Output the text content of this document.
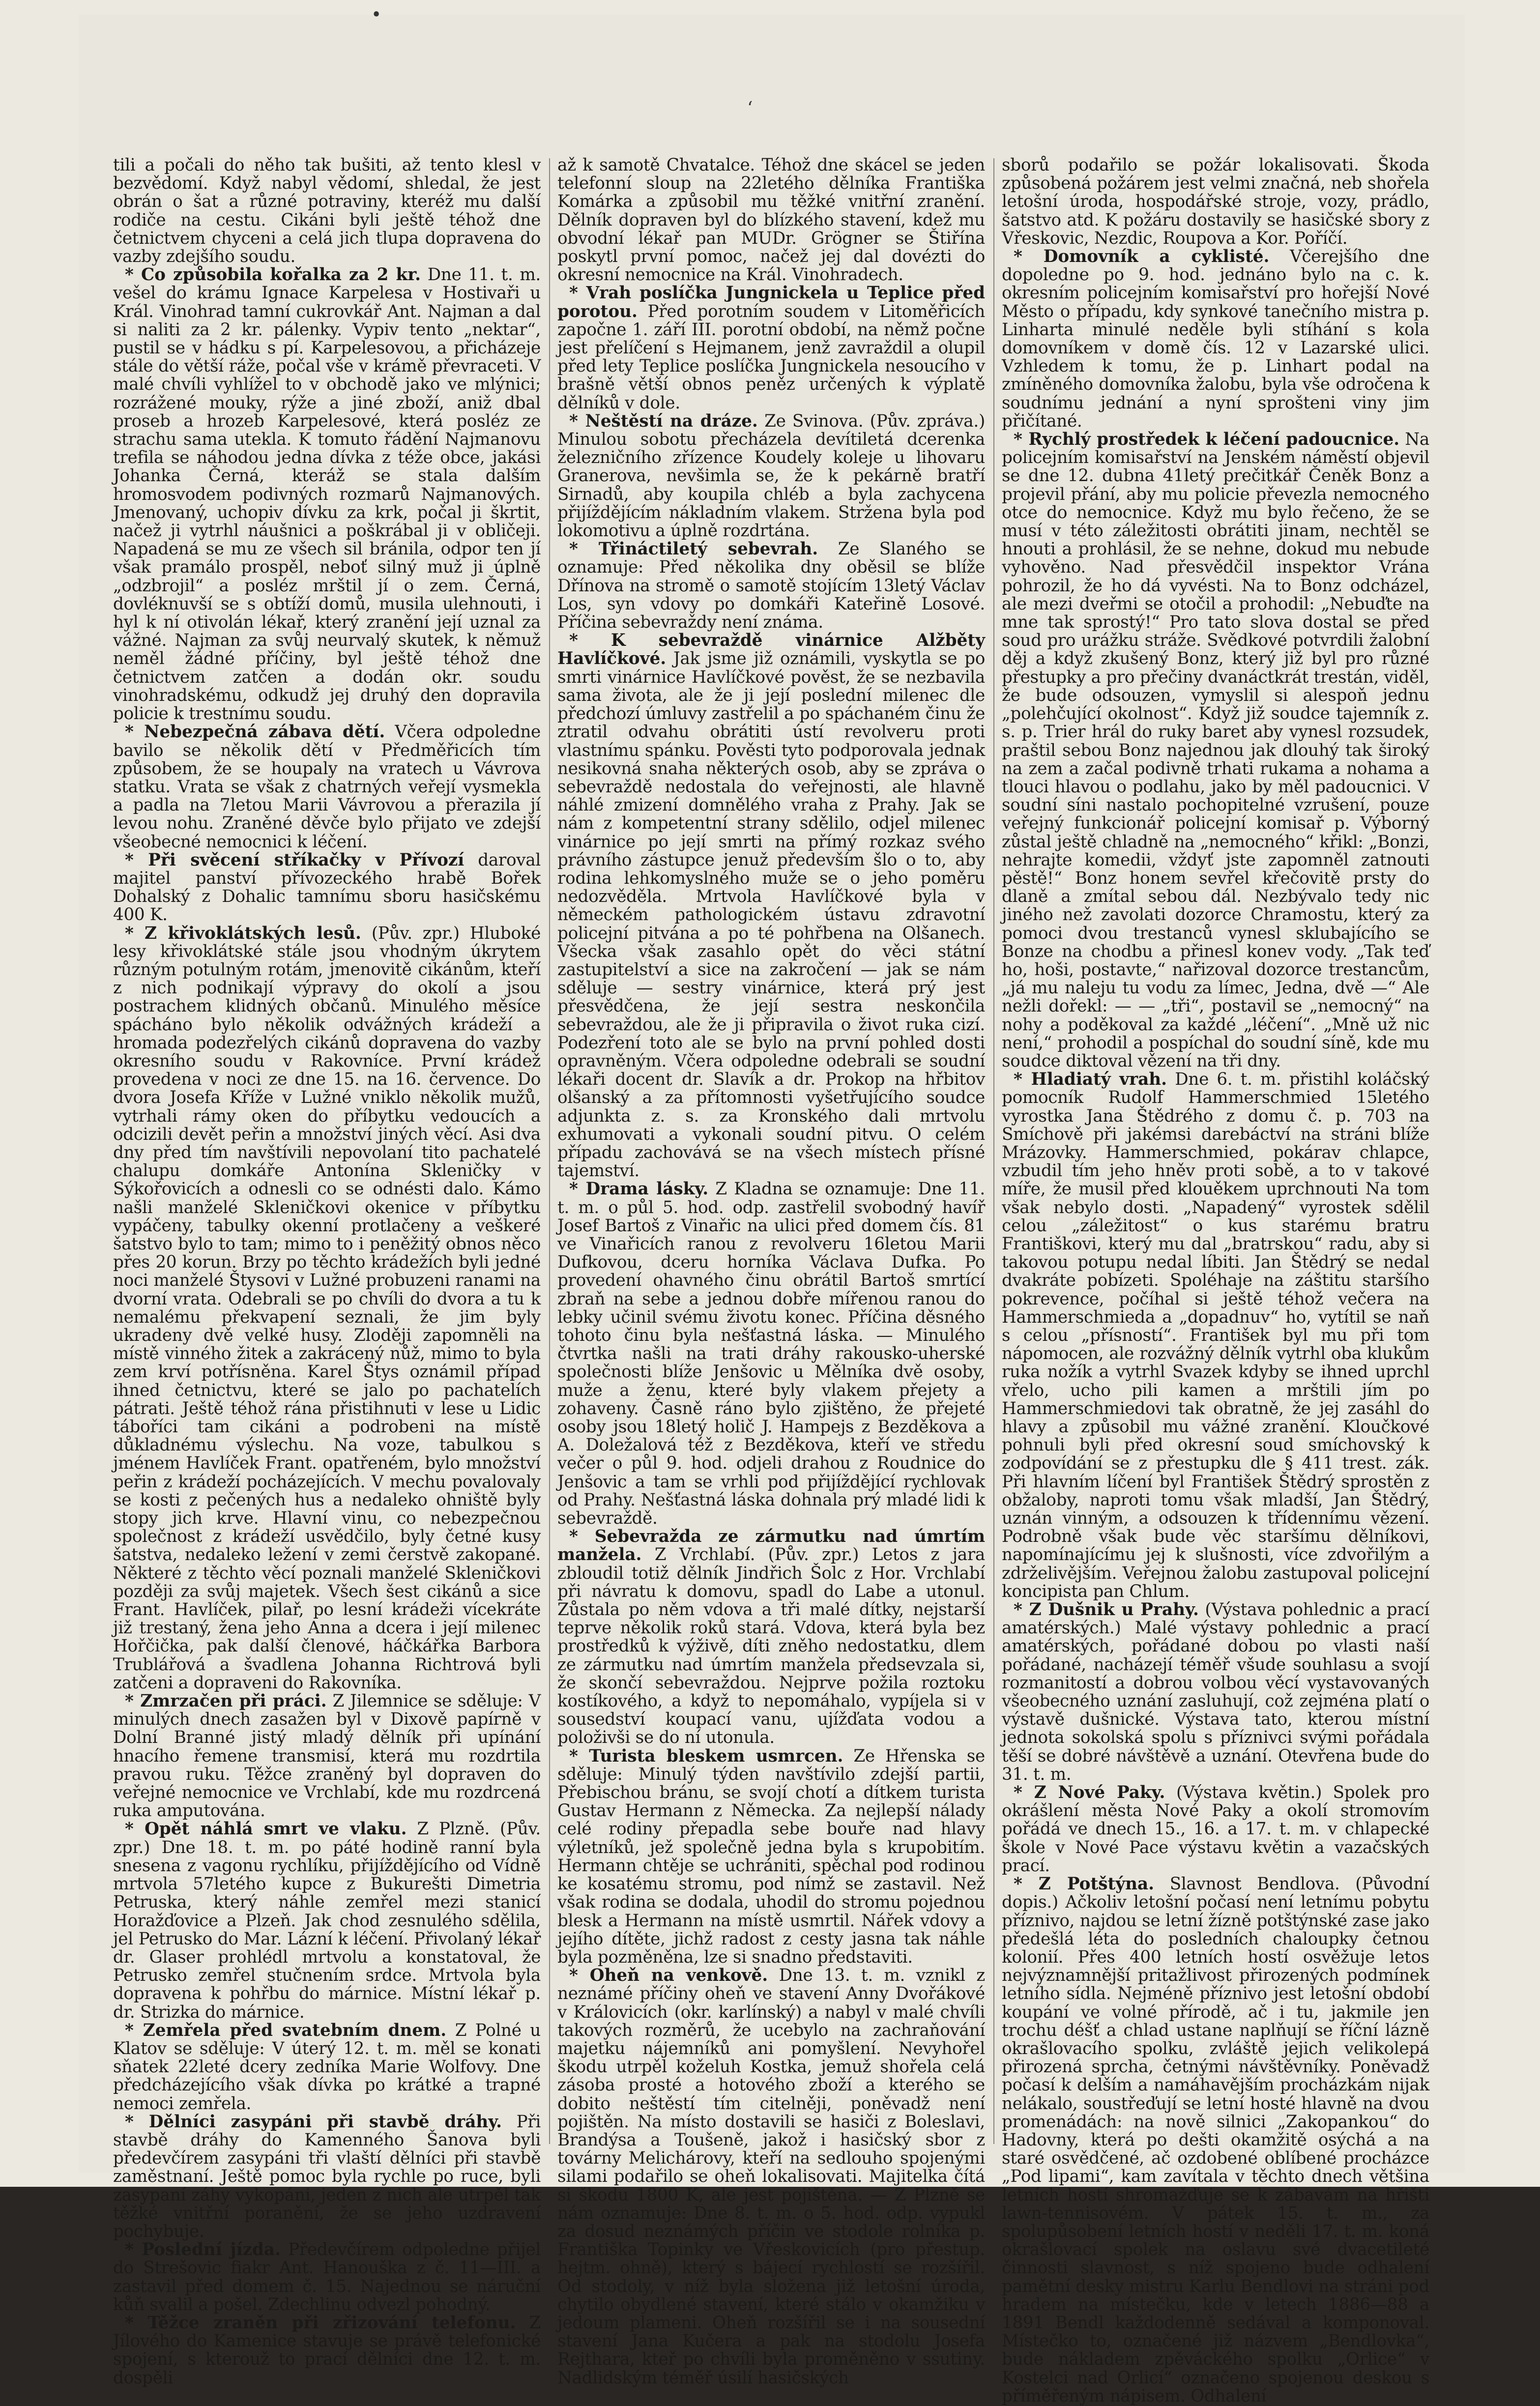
•
‘

tili a počali do něho tak bušiti, až tento klesl v bezvědomí. Když nabyl vědomí, shledal, že jest obrán o šat a různé potraviny, kteréž mu další rodiče na cestu. Cikáni byli ještě téhož dne četnictvem chyceni a celá jich tlupa dopravena do vazby zdejšího soudu.

* Co způsobila kořalka za 2 kr. Dne 11. t. m. vešel do krámu Ignace Karpelesa v Hostivaři u Král. Vinohrad tamní cukrovkář Ant. Najman a dal si naliti za 2 kr. pálenky. Vypiv tento „nektar“, pustil se v hádku s pí. Karpelesovou, a přicházeje stále do větší ráže, počal vše v krámě převraceti. V malé chvíli vyhlížel to v obchodě jako ve mlýnici; rozrážené mouky, rýže a jiné zboží, aniž dbal proseb a hrozeb Karpelesové, která posléz ze strachu sama utekla. K tomuto řádění Najmanovu trefila se náhodou jedna dívka z téže obce, jakási Johanka Černá, kteráž se stala dalším hromosvodem podivných rozmarů Najmanových. Jmenovaný, uchopiv dívku za krk, počal ji škrtit, načež ji vytrhl náušnici a poškrábal ji v obličeji. Napadená se mu ze všech sil bránila, odpor ten jí však pramálo prospěl, neboť silný muž ji úplně „odzbrojil“ a posléz mrštil jí o zem. Černá, dovléknuvší se s obtíží domů, musila ulehnouti, i hyl k ní otivolán lékař, který zranění její uznal za vážné. Najman za svůj neurvalý skutek, k němuž neměl žádné příčiny, byl ještě téhož dne četnictvem zatčen a dodán okr. soudu vinohradskému, odkudž jej druhý den dopravila policie k trestnímu soudu.

* Nebezpečná zábava dětí. Včera odpoledne bavilo se několik dětí v Předměřicích tím způsobem, že se houpaly na vratech u Vávrova statku. Vrata se však z chatrných veřejí vysmekla a padla na 7letou Marii Vávrovou a přerazila jí levou nohu. Zraněné děvče bylo přijato ve zdejší všeobecné nemocnici k léčení.

* Při svěcení stříkačky v Přívozí daroval majitel panství přívozeckého hrabě Bořek Dohalský z Dohalic tamnímu sboru hasičskému 400 K.

* Z křivoklátských lesů. (Pův. zpr.) Hluboké lesy křivoklátské stále jsou vhodným úkrytem různým potulným rotám, jmenovitě cikánům, kteří z nich podnikají výpravy do okolí a jsou postrachem klidných občanů. Minulého měsíce spácháno bylo několik odvážných krádeží a hromada podezřelých cikánů dopravena do vazby okresního soudu v Rakovníce. První krádež provedena v noci ze dne 15. na 16. července. Do dvora Josefa Kříže v Lužné vniklo několik mužů, vytrhali rámy oken do příbytku vedoucích a odcizili devět peřin a množství jiných věcí. Asi dva dny před tím navštívili nepovolaní tito pachatelé chalupu domkáře Antonína Skleničky v Sýkořovicích a odnesli co se odnésti dalo. Kámo našli manželé Skleničkovi okenice v příbytku vypáčeny, tabulky okenní protlačeny a veškeré šatstvo bylo to tam; mimo to i peněžitý obnos něco přes 20 korun. Brzy po těchto krádežích byli jedné noci manželé Štysovi v Lužné probuzeni ranami na dvorní vrata. Odebrali se po chvíli do dvora a tu k nemalému překvapení seznali, že jim byly ukradeny dvě velké husy. Zloději zapomněli na místě vinného žitek a zakrácený nůž, mimo to byla zem krví potřísněna. Karel Štys oznámil případ ihned četnictvu, které se jalo po pachatelích pátrati. Ještě téhož rána přistihnuti v lese u Lidic táboříci tam cikáni a podrobeni na místě důkladnému výslechu. Na voze, tabulkou s jménem Havlíček Frant. opatřeném, bylo množství peřin z krádeží pocházejících. V mechu povalovaly se kosti z pečených hus a nedaleko ohniště byly stopy jich krve. Hlavní vinu, co nebezpečnou společnost z krádeží usvědčilo, byly četné kusy šatstva, nedaleko ležení v zemi čerstvě zakopané. Některé z těchto věcí poznali manželé Skleničkovi později za svůj majetek. Všech šest cikánů a sice Frant. Havlíček, pilař, po lesní krádeži vícekráte již trestaný, žena jeho Anna a dcera i její milenec Hořčička, pak další členové, háčkářka Barbora Trublářová a švadlena Johanna Richtrová byli zatčeni a dopraveni do Rakovníka.

* Zmrzačen při práci. Z Jilemnice se sděluje: V minulých dnech zasažen byl v Dixově papírně v Dolní Branné jistý mladý dělník při upínání hnacího řemene transmisí, která mu rozdrtila pravou ruku. Těžce zraněný byl dopraven do veřejné nemocnice ve Vrchlabí, kde mu rozdrcená ruka amputována.

* Opět náhlá smrt ve vlaku. Z Plzně. (Pův. zpr.) Dne 18. t. m. po páté hodině ranní byla snesena z vagonu rychlíku, přijíždějícího od Vídně mrtvola 57letého kupce z Bukurešti Dimetria Petruska, který náhle zemřel mezi stanicí Horažďovice a Plzeň. Jak chod zesnulého sdělila, jel Petrusko do Mar. Lázní k léčení. Přivolaný lékař dr. Glaser prohlédl mrtvolu a konstatoval, že Petrusko zemřel stučnením srdce. Mrtvola byla dopravena k pohřbu do márnice. Místní lékař p. dr. Strizka do márnice.

* Zemřela před svatebním dnem. Z Polné u Klatov se sděluje: V úterý 12. t. m. měl se konati sňatek 22leté dcery zedníka Marie Wolfovy. Dne předcházejícího však dívka po krátké a trapné nemoci zemřela.

* Dělníci zasypáni při stavbě dráhy. Při stavbě dráhy do Kamenného Šanova byli předevčírem zasypáni tři vlaští dělníci při stavbě zaměstnaní. Ještě pomoc byla rychle po ruce, byli zasypaní záhy vykopáni, jeden z nich ale utrpěl tak těžké vnitřní poranění, že se jeho uzdravení pochybuje.

* Poslední jízda. Předevčírem odpoledne přijel do Strešovic fiakr Ant. Hanouška z č. 11—III. a zastavil před domem č. 15. Najednou se náruční kůň svalil a pošel. Zdechlinu odvezl pohodný.

* Těžce zraněn při zřizování telefonu. Z Jílového do Kamenice stavuje se právě telefonické spojení, s kterouž to prací dělníci dne 12. t. m. dospěli

až k samotě Chvatalce. Téhož dne skácel se jeden telefonní sloup na 22letého dělníka Františka Komárka a způsobil mu těžké vnitřní zranění. Dělník dopraven byl do blízkého stavení, kdež mu obvodní lékař pan MUDr. Grögner se Štiřína poskytl první pomoc, načež jej dal dovézti do okresní nemocnice na Král. Vinohradech.

* Vrah poslíčka Jungnickela u Teplice před porotou. Před porotním soudem v Litoměřicích započne 1. září III. porotní období, na němž počne jest přelíčení s Hejmanem, jenž zavraždil a olupil před lety Teplice poslíčka Jungnickela nesoucího v brašně větší obnos peněz určených k výplatě dělníků v dole.

* Neštěstí na dráze. Ze Svinova. (Pův. zpráva.) Minulou sobotu přecházela devítiletá dcerenka železničního zřízence Koudely koleje u lihovaru Granerova, nevšimla se, že k pekárně bratří Sirnadů, aby koupila chléb a byla zachycena přijíždějícím nákladním vlakem. Stržena byla pod lokomotivu a úplně rozdrtána.

* Třináctiletý sebevrah. Ze Slaného se oznamuje: Před několika dny oběsil se blíže Dřínova na stromě o samotě stojícím 13letý Václav Los, syn vdovy po domkáři Kateřině Losové. Příčina sebevraždy není známa.

* K sebevraždě vinárnice Alžběty Havlíčkové. Jak jsme již oznámili, vyskytla se po smrti vinárnice Havlíčkové pověst, že se nezbavila sama života, ale že ji její poslední milenec dle předchozí úmluvy zastřelil a po spáchaném činu že ztratil odvahu obrátiti ústí revolveru proti vlastnímu spánku. Pověsti tyto podporovala jednak nesikovná snaha některých osob, aby se zpráva o sebevraždě nedostala do veřejnosti, ale hlavně náhlé zmizení domnělého vraha z Prahy. Jak se nám z kompetentní strany sdělilo, odjel milenec vinárnice po její smrti na přímý rozkaz svého právního zástupce jenuž především šlo o to, aby rodina lehkomyslného muže se o jeho poměru nedozvěděla. Mrtvola Havlíčkové byla v německém pathologickém ústavu zdravotní policejní pitvána a po té pohřbena na Olšanech. Všecka však zasahlo opět do věci státní zastupitelství a sice na zakročení — jak se nám sděluje — sestry vinárnice, která prý jest přesvědčena, že její sestra neskončila sebevraždou, ale že ji připravila o život ruka cizí. Podezření toto ale se bylo na první pohled dosti opravněným. Včera odpoledne odebrali se soudní lékaři docent dr. Slavík a dr. Prokop na hřbitov olšanský a za přítomnosti vyšetřujícího soudce adjunkta z. s. za Kronského dali mrtvolu exhumovati a vykonali soudní pitvu. O celém případu zachovává se na všech místech přísné tajemství.

* Drama lásky. Z Kladna se oznamuje: Dne 11. t. m. o půl 5. hod. odp. zastřelil svobodný havíř Josef Bartoš z Vinařic na ulici před domem čís. 81 ve Vinařicích ranou z revolveru 16letou Marii Dufkovou, dceru horníka Václava Dufka. Po provedení ohavného činu obrátil Bartoš smrtící zbraň na sebe a jednou dobře mířenou ranou do lebky učinil svému životu konec. Příčina děsného tohoto činu byla nešťastná láska. — Minulého čtvrtka našli na trati dráhy rakousko-uherské společnosti blíže Jenšovic u Mělníka dvě osoby, muže a ženu, které byly vlakem přejety a zohaveny. Časně ráno bylo zjištěno, že přejeté osoby jsou 18letý holič J. Hampejs z Bezděkova a A. Doležalová též z Bezděkova, kteří ve středu večer o půl 9. hod. odjeli drahou z Roudnice do Jenšovic a tam se vrhli pod přijíždějící rychlovak od Prahy. Nešťastná láska dohnala prý mladé lidi k sebevraždě.

* Sebevražda ze zármutku nad úmrtím manžela. Z Vrchlabí. (Pův. zpr.) Letos z jara zbloudil totiž dělník Jindřich Šolc z Hor. Vrchlabí při návratu k domovu, spadl do Labe a utonul. Zůstala po něm vdova a tři malé dítky, nejstarší teprve několik roků stará. Vdova, která byla bez prostředků k výživě, díti zněho nedostatku, dlem ze zármutku nad úmrtím manžela předsevzala si, že skončí sebevraždou. Nejprve požila roztoku kostíkového, a když to nepomáhalo, vypíjela si v sousedství koupací vanu, ujížďata vodou a položivši se do ní utonula.

* Turista bleskem usmrcen. Ze Hřenska se sděluje: Minulý týden navštívilo zdejší partii, Přebischou bránu, se svojí chotí a dítkem turista Gustav Hermann z Německa. Za nejlepší nálady celé rodiny přepadla sebe bouře nad hlavy výletníků, jež společně jedna byla s krupobitím. Hermann chtěje se uchrániti, spěchal pod rodinou ke kosatému stromu, pod nímž se zastavil. Než však rodina se dodala, uhodil do stromu pojednou blesk a Hermann na místě usmrtil. Nářek vdovy a jejího dítěte, jichž radost z cesty jasna tak náhle byla pozměněna, lze si snadno představiti.

* Oheň na venkově. Dne 13. t. m. vznikl z neznámé příčiny oheň ve stavení Anny Dvořákové v Královicích (okr. karlínský) a nabyl v malé chvíli takových rozměrů, že ucebylo na zachraňování majetku nájemníků ani pomyšlení. Nevyhořel škodu utrpěl koželuh Kostka, jemuž shořela celá zásoba prosté a hotového zboží a kterého se dobito neštěstí tím citelněji, poněvadž není pojištěn. Na místo dostavili se hasiči z Boleslavi, Brandýsa a Toušeně, jakož i hasičský sbor z továrny Melichárovy, kteří na sedlouho spojenými silami podařilo se oheň lokalisovati. Majitelka čítá si škodu 1800 K, ale jest pojištěna. — Z Plzně se nám oznamuje: Dne 8. t. m. o 5. hod. odp. vypukl za dosud neznámých příčin ve stodole rolníka p. Františka Topinky ve Vřeskovicích (pro přestup. hejtm. ohně), který s bájecí rychlostí se rozšířil. Od stodoly, v níž byla složena již letošní úroda, chytilo obydlené stavení, které stálo v okamžiku v jedoum plameni. Oheň rozšířil se i na sousední stavení Jana Kučera a pak na stodolu Josefa Rejthara, kteř po chvíli byla proměněno v ssutiny. Nadlidským téměř úsilí hasičských

sborů podařilo se požár lokalisovati. Škoda způsobená požárem jest velmi značná, neb shořela letošní úroda, hospodářské stroje, vozy, prádlo, šatstvo atd. K požáru dostavily se hasičské sbory z Vřeskovic, Nezdic, Roupova a Kor. Poříčí.

* Domovník a cyklisté. Včerejšího dne dopoledne po 9. hod. jednáno bylo na c. k. okresním policejním komisařství pro hořejší Nové Město o případu, kdy synkové tanečního mistra p. Linharta minulé neděle byli stíhání s kola domovníkem v domě čís. 12 v Lazarské ulici. Vzhledem k tomu, že p. Linhart podal na zmíněného domovníka žalobu, byla vše odročena k soudnímu jednání a nyní sprošteni viny jim přičítané.

* Rychlý prostředek k léčení padoucnice. Na policejním komisařství na Jenském náměstí objevil se dne 12. dubna 41letý prečitkář Čeněk Bonz a projevil přání, aby mu policie převezla nemocného otce do nemocnice. Když mu bylo řečeno, že se musí v této záležitosti obrátiti jinam, nechtěl se hnouti a prohlásil, že se nehne, dokud mu nebude vyhověno. Nad přesvědčil inspektor Vrána pohrozil, že ho dá vyvésti. Na to Bonz odcházel, ale mezi dveřmi se otočil a prohodil: „Nebuďte na mne tak sprostý!“ Pro tato slova dostal se před soud pro urážku stráže. Svědkové potvrdili žalobní děj a když zkušený Bonz, který již byl pro různé přestupky a pro přečiny dvanáctkrát trestán, viděl, že bude odsouzen, vymyslil si alespoň jednu „polehčující okolnost“. Když již soudce tajemník z. s. p. Trier hrál do ruky baret aby vynesl rozsudek, praštil sebou Bonz najednou jak dlouhý tak široký na zem a začal podivně trhati rukama a nohama a tlouci hlavou o podlahu, jako by měl padoucnici. V soudní síni nastalo pochopitelné vzrušení, pouze veřejný funkcionář policejní komisař p. Výborný zůstal ještě chladně na „nemocného“ křikl: „Bonzi, nehrajte komedii, vždyť jste zapomněl zatnouti pěstě!“ Bonz honem sevřel křečovitě prsty do dlaně a zmítal sebou dál. Nezbývalo tedy nic jiného než zavolati dozorce Chramostu, který za pomoci dvou trestanců vynesl sklubajícího se Bonze na chodbu a přinesl konev vody. „Tak teď ho, hoši, postavte,“ nařizoval dozorce trestancům, „já mu naleju tu vodu za límec, Jedna, dvě —“ Ale nežli dořekl: — — „tři“, postavil se „nemocný“ na nohy a poděkoval za každé „léčení“. „Mně už nic není,“ prohodil a pospíchal do soudní síně, kde mu soudce diktoval vězení na tři dny.

* Hladiatý vrah. Dne 6. t. m. přistihl koláčský pomocník Rudolf Hammerschmied 15letého vyrostka Jana Štědrého z domu č. p. 703 na Smíchově při jakémsi darebáctví na stráni blíže Mrázovky. Hammerschmied, pokárav chlapce, vzbudil tím jeho hněv proti sobě, a to v takové míře, že musil před klouěkem uprchnouti Na tom však nebylo dosti. „Napadený“ vyrostek sdělil celou „záležitost“ o kus starému bratru Františkovi, který mu dal „bratrskou“ radu, aby si takovou potupu nedal líbiti. Jan Štědrý se nedal dvakráte pobízeti. Spoléhaje na záštitu staršího pokrevence, počíhal si ještě téhož večera na Hammerschmieda a „dopadnuv“ ho, vytítil se naň s celou „přísností“. František byl mu při tom nápomocen, ale rozvážný dělník vytrhl oba klukům ruka nožík a vytrhl Svazek kdyby se ihned uprchl vřelo, ucho pili kamen a mrštili jím po Hammerschmiedovi tak obratně, že jej zasáhl do hlavy a způsobil mu vážné zranění. Kloučkové pohnuli byli před okresní soud smíchovský k zodpovídání se z přestupku dle § 411 trest. zák. Při hlavním líčení byl František Štědrý sprostěn z obžaloby, naproti tomu však mladší, Jan Štědrý, uznán vinným, a odsouzen k třídennímu vězení. Podrobně však bude věc staršímu dělníkovi, napomínajícímu jej k slušnosti, více zdvořilým a zdrželivějším. Veřejnou žalobu zastupoval policejní koncipista pan Chlum.

* Z Dušnik u Prahy. (Výstava pohlednic a prací amatérských.) Malé výstavy pohlednic a prací amatérských, pořádané dobou po vlasti naší pořádané, nacházejí téměř všude souhlasu a svojí rozmanitostí a dobrou volbou věcí vystavovaných všeobecného uznání zasluhují, což zejména platí o výstavě dušnické. Výstava tato, kterou místní jednota sokolská spolu s příznivci svými pořádala těší se dobré návštěvě a uznání. Otevřena bude do 31. t. m.

* Z Nové Paky. (Výstava květin.) Spolek pro okrášlení města Nové Paky a okolí stromovím pořádá ve dnech 15., 16. a 17. t. m. v chlapecké škole v Nové Pace výstavu květin a vazačských prací.

* Z Potštýna. Slavnost Bendlova. (Původní dopis.) Ačkoliv letošní počasí není letnímu pobytu příznivo, najdou se letní žízně potštýnské zase jako předešlá léta do posledních chaloupky četnou kolonií. Přes 400 letních hostí osvěžuje letos nejvýznamnější pritažlivost přirozených podmínek letního sídla. Nejméně příznivo jest letošní období koupání ve volné přírodě, ač i tu, jakmile jen trochu déšť a chlad ustane naplňují se říční lázně okrašlovacího spolku, zvláště jejich velikolepá přirozená sprcha, četnými návštěvníky. Poněvadž počasí k delším a namáhavějším procházkám nijak nelákalo, soustřeďují se letní hosté hlavně na dvou promenádách: na nově silnici „Zakopankou“ do Hadovny, která po dešti okamžitě osýchá a na staré osvědčené, ač ozdobené oblíbené procházce „Pod lipami“, kam zavítala v těchto dnech většina letních hostí shromažďuje se k zábavám na hřišti lawn-tennisovém. V pátek 15. t. m., za spolupůsobení letních hostí v neděli 17. t. m. koná okrašlovací spolek na oslavu své dvacetileté činnosti slavnost, s níž spojeno bude odhalení pamětní desky mistru Karlu Bendlovi na stráni pod hradem na místečku, kde v letech 1886—88 a 1891 Bendl každodenně sedával a komponoval. Místečko to, označené již názvem „Bendlovka“, bude nákladem zpěváckého spolku „Orlice“ v Kostelci nad Orlicí“ označeno spojenou deskou s příměřeným nápisem. Odhalení
